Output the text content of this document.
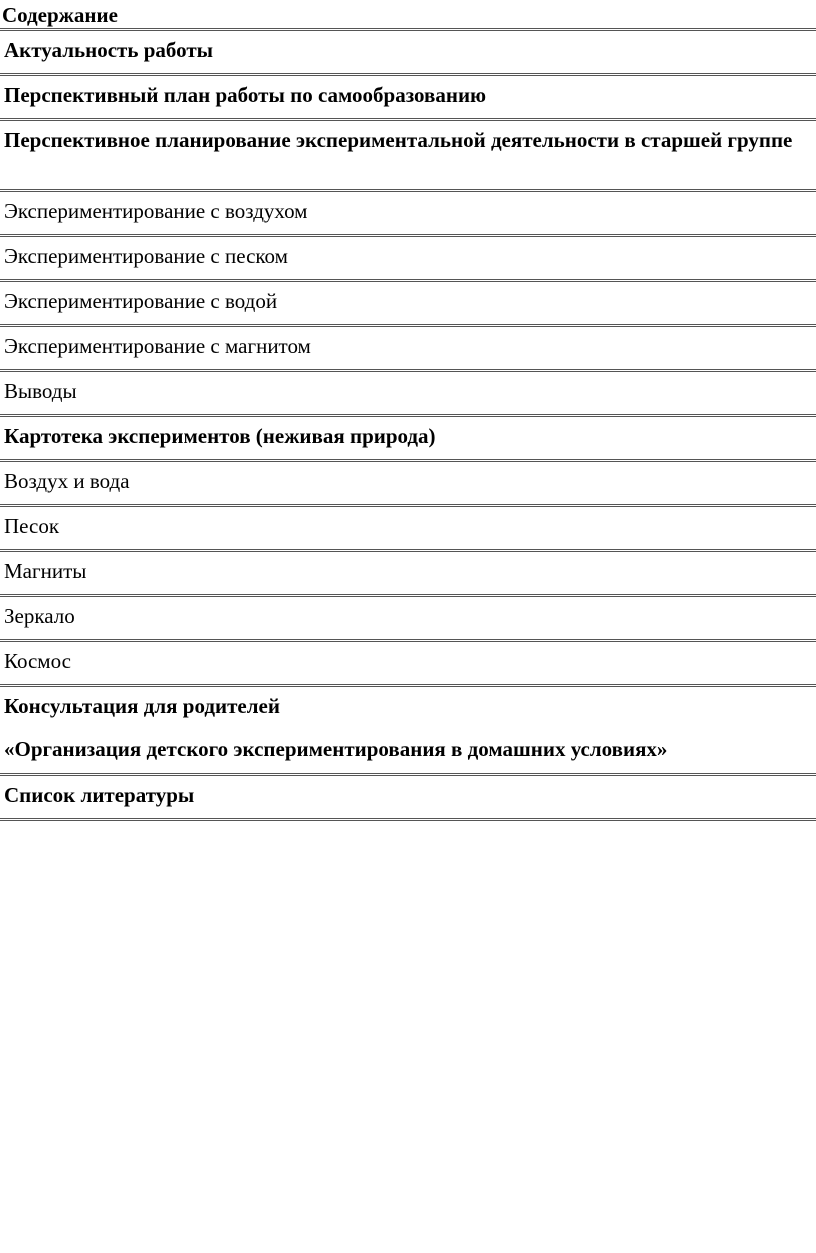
Содержание
Актуальность работы
Перспективный план работы по самообразованию
Перспективное планирование экспериментальной деятельности в старшей группе
Экспериментирование с воздухом
Экспериментирование с песком
Экспериментирование с водой
Экспериментирование с магнитом
Выводы
Картотека экспериментов (неживая природа)
Воздух и вода
Песок
Магниты
Зеркало
Космос
Консультация для родителей
«Организация детского экспериментирования в домашних условиях»
Список литературы
